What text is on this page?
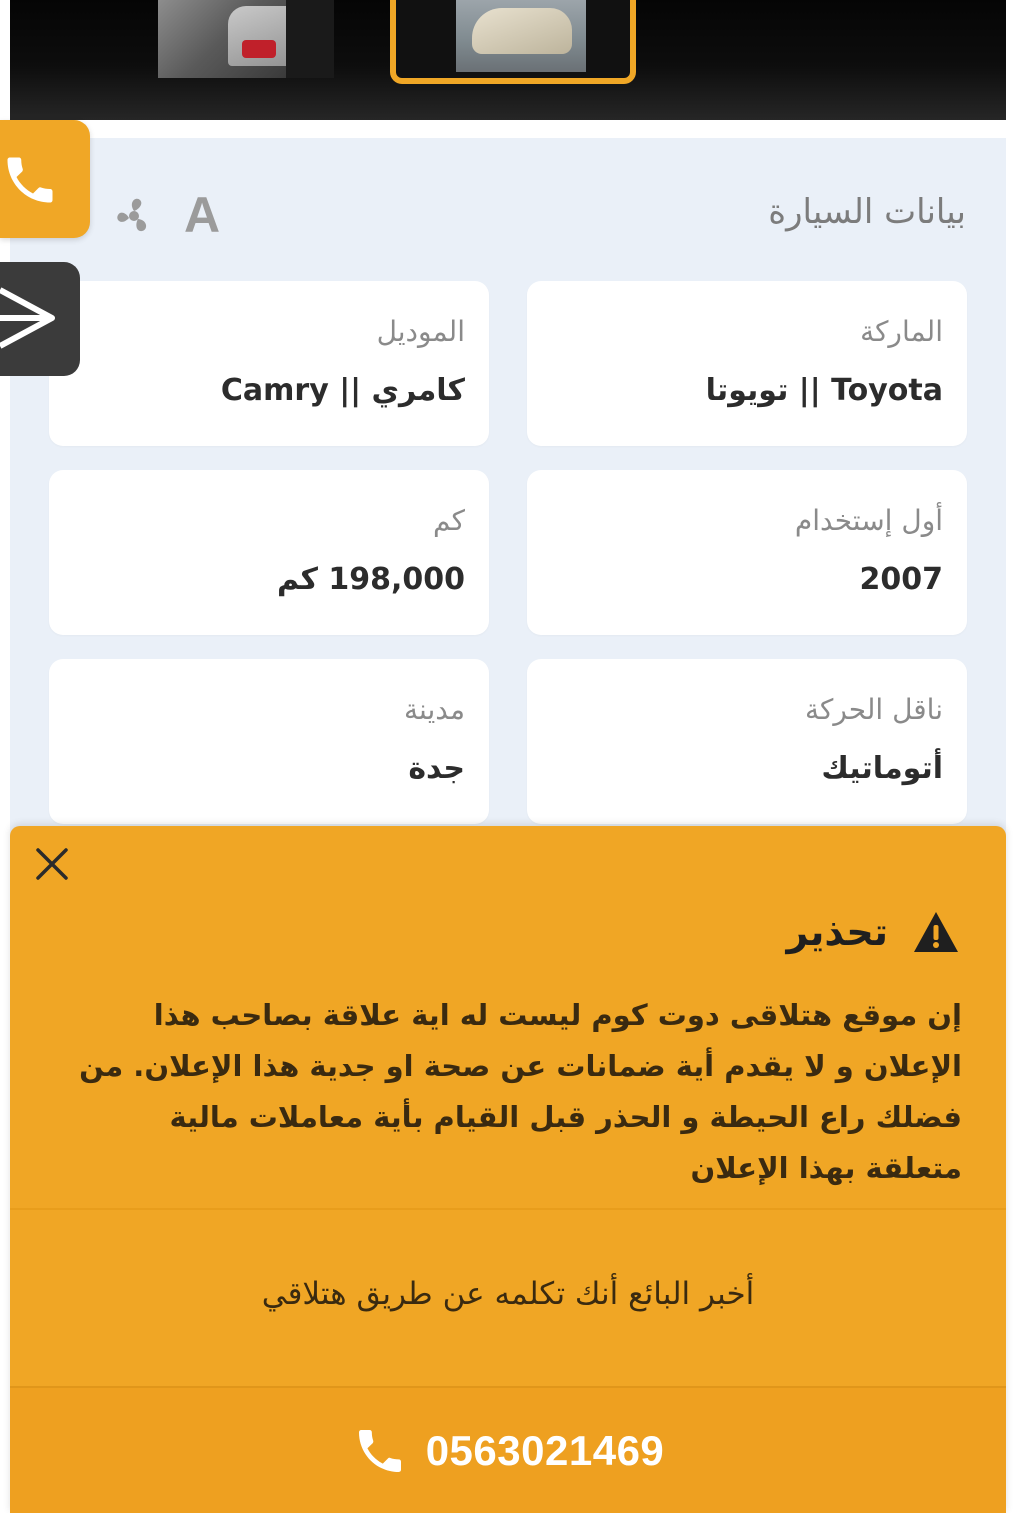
بيانات السيارة
A
الماركة
Toyota || تويوتا
الموديل
كامري || Camry
أول إستخدام
2007
كم
198,000 كم
ناقل الحركة
أتوماتيك
مدينة
جدة
تحذير
إن موقع هتلاقى دوت كوم ليست له اية علاقة بصاحب هذا الإعلان و لا يقدم أية ضمانات عن صحة او جدية هذا الإعلان. من فضلك راع الحيطة و الحذر قبل القيام بأية معاملات مالية متعلقة بهذا الإعلان
أخبر البائع أنك تكلمه عن طريق هتلاقي
0563021469
